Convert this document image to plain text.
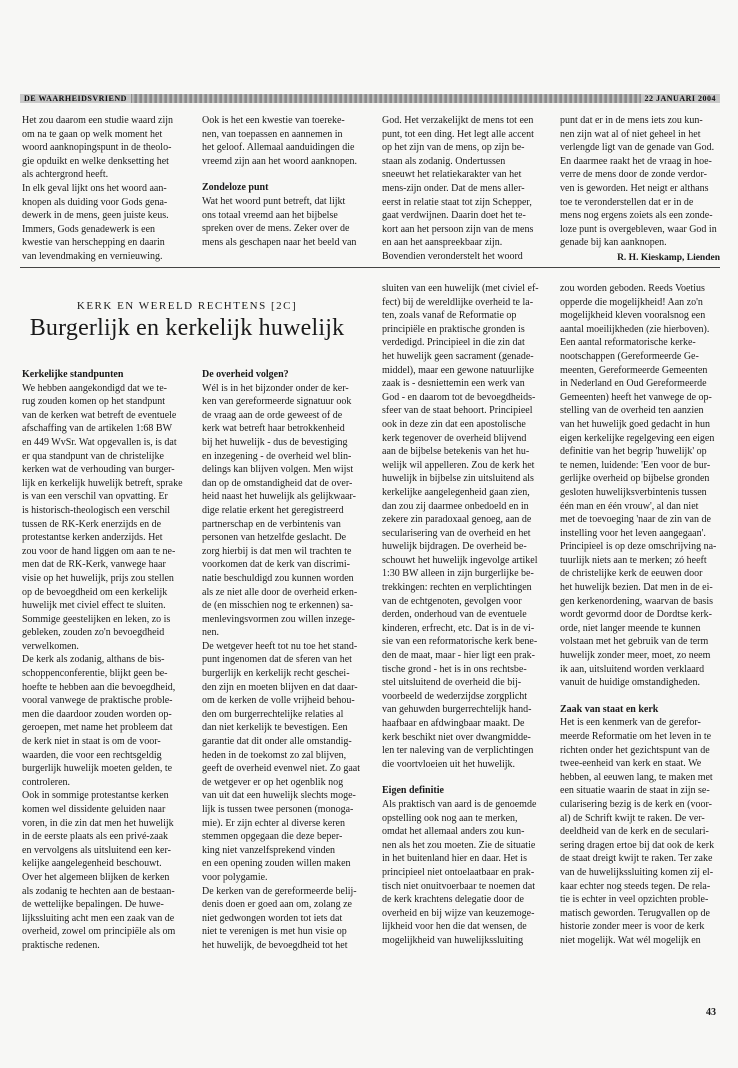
DE WAARHEIDSVRIEND	22 JANUARI 2004

Het zou daarom een studie waard zijn

om na te gaan op welk moment het

woord aanknopingspunt in de theolo-

gie opduikt en welke denksetting het

als achtergrond heeft.

In elk geval lijkt ons het woord aan-

knopen als duiding voor Gods gena-

dewerk in de mens, geen juiste keus.

Immers, Gods genadewerk is een

kwestie van herschepping en daarin

van levendmaking en vernieuwing.

Ook is het een kwestie van toereke-

nen, van toepassen en aannemen in

het geloof. Allemaal aanduidingen die

vreemd zijn aan het woord aanknopen.

Zondeloze punt

Wat het woord punt betreft, dat lijkt

ons totaal vreemd aan het bijbelse

spreken over de mens. Zeker over de

mens als geschapen naar het beeld van

God. Het verzakelijkt de mens tot een

punt, tot een ding. Het legt alle accent

op het zijn van de mens, op zijn be-

staan als zodanig. Ondertussen

sneeuwt het relatiekarakter van het

mens-zijn onder. Dat de mens aller-

eerst in relatie staat tot zijn Schepper,

gaat verdwijnen. Daarin doet het te-

kort aan het persoon zijn van de mens

en aan het aanspreekbaar zijn.

Bovendien veronderstelt het woord

punt dat er in de mens iets zou kun-

nen zijn wat al of niet geheel in het

verlengde ligt van de genade van God.

En daarmee raakt het de vraag in hoe-

verre de mens door de zonde verdor-

ven is geworden. Het neigt er althans

toe te veronderstellen dat er in de

mens nog ergens zoiets als een zonde-

loze punt is overgebleven, waar God in

genade bij kan aanknopen.

R. H. Kieskamp, Lienden
KERK EN WERELD RECHTENS [2C]
Burgerlijk en kerkelijk huwelijk

Kerkelijke standpunten

We hebben aangekondigd dat we te-

rug zouden komen op het standpunt

van de kerken wat betreft de eventuele

afschaffing van de artikelen 1:68 BW

en 449 WvSr. Wat opgevallen is, is dat

er qua standpunt van de christelijke

kerken wat de verhouding van burger-

lijk en kerkelijk huwelijk betreft, sprake

is van een verschil van opvatting. Er

is historisch-theologisch een verschil

tussen de RK-Kerk enerzijds en de

protestantse kerken anderzijds. Het

zou voor de hand liggen om aan te ne-

men dat de RK-Kerk, vanwege haar

visie op het huwelijk, prijs zou stellen

op de bevoegdheid om een kerkelijk

huwelijk met civiel effect te sluiten.

Sommige geestelijken en leken, zo is

gebleken, zouden zo'n bevoegdheid

verwelkomen.

De kerk als zodanig, althans de bis-

schoppenconferentie, blijkt geen be-

hoefte te hebben aan die bevoegdheid,

vooral vanwege de praktische proble-

men die daardoor zouden worden op-

geroepen, met name het probleem dat

de kerk niet in staat is om de voor-

waarden, die voor een rechtsgeldig

burgerlijk huwelijk moeten gelden, te

controleren.

Ook in sommige protestantse kerken

komen wel dissidente geluiden naar

voren, in die zin dat men het huwelijk

in de eerste plaats als een privé-zaak

en vervolgens als uitsluitend een ker-

kelijke aangelegenheid beschouwt.

Over het algemeen blijken de kerken

als zodanig te hechten aan de bestaan-

de wettelijke bepalingen. De huwe-

lijkssluiting acht men een zaak van de

overheid, zowel om principiële als om

praktische redenen.

De overheid volgen?

Wél is in het bijzonder onder de ker-

ken van gereformeerde signatuur ook

de vraag aan de orde geweest of de

kerk wat betreft haar betrokkenheid

bij het huwelijk - dus de bevestiging

en inzegening - de overheid wel blin-

delings kan blijven volgen. Men wijst

dan op de omstandigheid dat de over-

heid naast het huwelijk als gelijkwaar-

dige relatie erkent het geregistreerd

partnerschap en de verbintenis van

personen van hetzelfde geslacht. De

zorg hierbij is dat men wil trachten te

voorkomen dat de kerk van discrimi-

natie beschuldigd zou kunnen worden

als ze niet alle door de overheid erken-

de (en misschien nog te erkennen) sa-

menlevingsvormen zou willen inzege-

nen.

De wetgever heeft tot nu toe het stand-

punt ingenomen dat de sferen van het

burgerlijk en kerkelijk recht geschei-

den zijn en moeten blijven en dat daar-

om de kerken de volle vrijheid behou-

den om burgerrechtelijke relaties al

dan niet kerkelijk te bevestigen. Een

garantie dat dit onder alle omstandig-

heden in de toekomst zo zal blijven,

geeft de overheid evenwel niet. Zo gaat

de wetgever er op het ogenblik nog

van uit dat een huwelijk slechts moge-

lijk is tussen twee personen (monoga-

mie). Er zijn echter al diverse keren

stemmen opgegaan die deze beper-

king niet vanzelfsprekend vinden

en een opening zouden willen maken

voor polygamie.

De kerken van de gereformeerde belij-

denis doen er goed aan om, zolang ze

niet gedwongen worden tot iets dat

niet te verenigen is met hun visie op

het huwelijk, de bevoegdheid tot het

sluiten van een huwelijk (met civiel ef-

fect) bij de wereldlijke overheid te la-

ten, zoals vanaf de Reformatie op

principiële en praktische gronden is

verdedigd. Principieel in die zin dat

het huwelijk geen sacrament (genade-

middel), maar een gewone natuurlijke

zaak is - desniettemin een werk van

God - en daarom tot de bevoegdheids-

sfeer van de staat behoort. Principieel

ook in deze zin dat een apostolische

kerk tegenover de overheid blijvend

aan de bijbelse betekenis van het hu-

welijk wil appelleren. Zou de kerk het

huwelijk in bijbelse zin uitsluitend als

kerkelijke aangelegenheid gaan zien,

dan zou zij daarmee onbedoeld en in

zekere zin paradoxaal genoeg, aan de

secularisering van de overheid en het

huwelijk bijdragen. De overheid be-

schouwt het huwelijk ingevolge artikel

1:30 BW alleen in zijn burgerlijke be-

trekkingen: rechten en verplichtingen

van de echtgenoten, gevolgen voor

derden, onderhoud van de eventuele

kinderen, erfrecht, etc. Dat is in de vi-

sie van een reformatorische kerk bene-

den de maat, maar - hier ligt een prak-

tische grond - het is in ons rechtsbe-

stel uitsluitend de overheid die bij-

voorbeeld de wederzijdse zorgplicht

van gehuwden burgerrechtelijk hand-

haafbaar en afdwingbaar maakt. De

kerk beschikt niet over dwangmidde-

len ter naleving van de verplichtingen

die voortvloeien uit het huwelijk.

Eigen definitie

Als praktisch van aard is de genoemde

opstelling ook nog aan te merken,

omdat het allemaal anders zou kun-

nen als het zou moeten. Zie de situatie

in het buitenland hier en daar. Het is

principieel niet ontoelaatbaar en prak-

tisch niet onuitvoerbaar te noemen dat

de kerk krachtens delegatie door de

overheid en bij wijze van keuzemoge-

lijkheid voor hen die dat wensen, de

mogelijkheid van huwelijkssluiting

zou worden geboden. Reeds Voetius

opperde die mogelijkheid! Aan zo'n

mogelijkheid kleven vooralsnog een

aantal moeilijkheden (zie hierboven).

Een aantal reformatorische kerke-

nootschappen (Gereformeerde Ge-

meenten, Gereformeerde Gemeenten

in Nederland en Oud Gereformeerde

Gemeenten) heeft het vanwege de op-

stelling van de overheid ten aanzien

van het huwelijk goed gedacht in hun

eigen kerkelijke regelgeving een eigen

definitie van het begrip 'huwelijk' op

te nemen, luidende: 'Een voor de bur-

gerlijke overheid op bijbelse gronden

gesloten huwelijksverbintenis tussen

één man en één vrouw', al dan niet

met de toevoeging 'naar de zin van de

instelling voor het leven aangegaan'.

Principieel is op deze omschrijving na-

tuurlijk niets aan te merken; zó heeft

de christelijke kerk de eeuwen door

het huwelijk bezien. Dat men in de ei-

gen kerkenordening, waarvan de basis

wordt gevormd door de Dordtse kerk-

orde, niet langer meende te kunnen

volstaan met het gebruik van de term

huwelijk zonder meer, moet, zo neem

ik aan, uitsluitend worden verklaard

vanuit de huidige omstandigheden.

Zaak van staat en kerk

Het is een kenmerk van de gerefor-

meerde Reformatie om het leven in te

richten onder het gezichtspunt van de

twee-eenheid van kerk en staat. We

hebben, al eeuwen lang, te maken met

een situatie waarin de staat in zijn se-

cularisering bezig is de kerk en (voor-

al) de Schrift kwijt te raken. De ver-

deeldheid van de kerk en de seculari-

sering dragen ertoe bij dat ook de kerk

de staat dreigt kwijt te raken. Ter zake

van de huwelijkssluiting komen zij el-

kaar echter nog steeds tegen. De rela-

tie is echter in veel opzichten proble-

matisch geworden. Terugvallen op de

historie zonder meer is voor de kerk

niet mogelijk. Wat wél mogelijk en

43
